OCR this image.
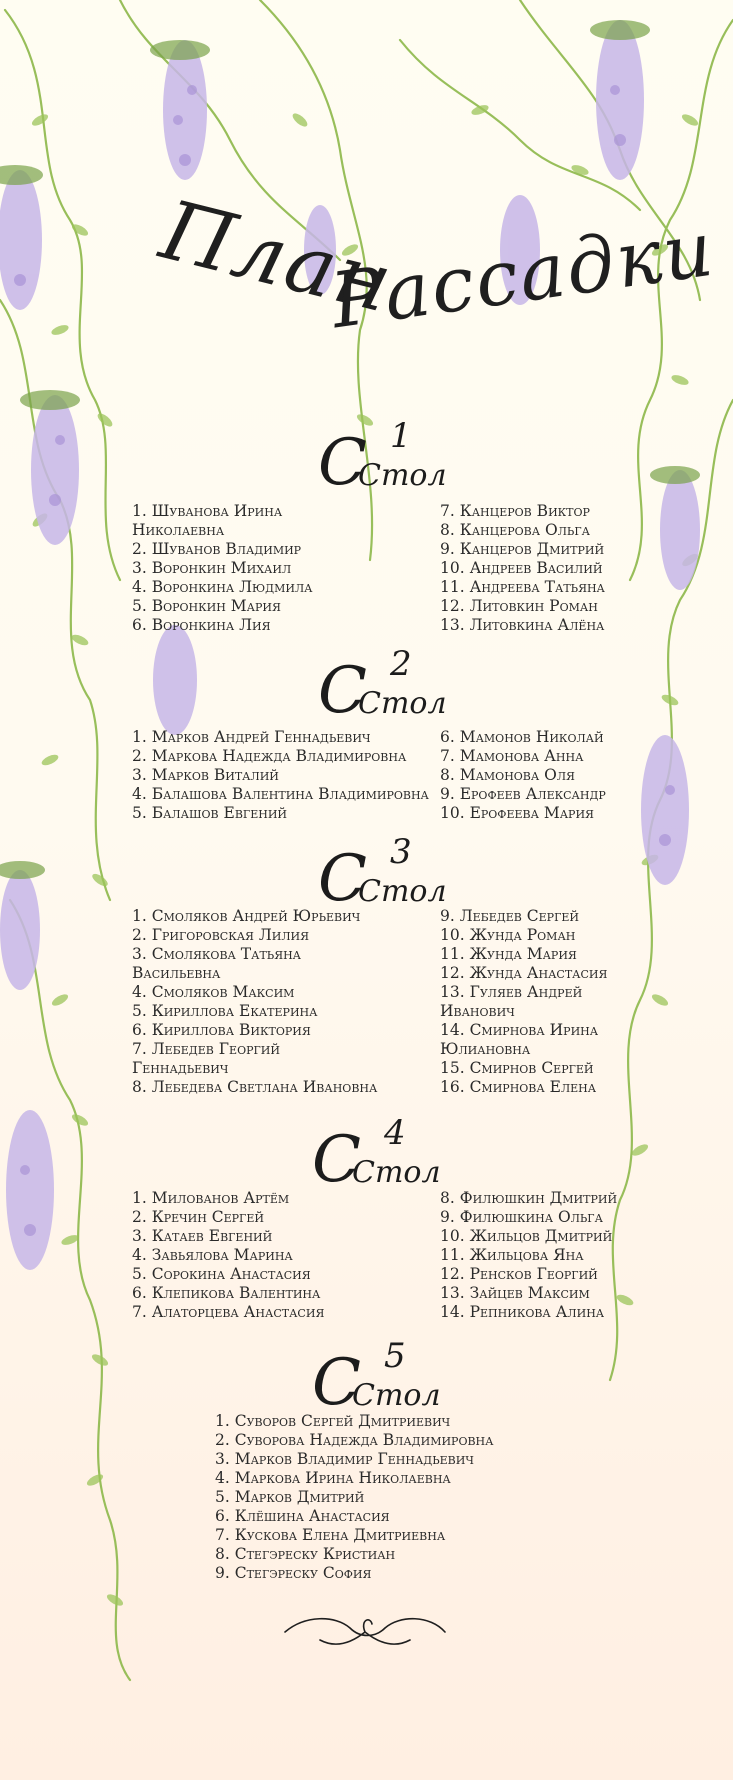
План
Рассадки
С 1
Стол
1. Шуванова Ирина Николаевна
2. Шуванов Владимир
3. Воронкин Михаил
4. Воронкина Людмила
5. Воронкин Мария
6. Воронкина Лия
7. Канцеров Виктор
8. Канцерова Ольга
9. Канцеров Дмитрий
10. Андреев Василий
11. Андреева Татьяна
12. Литовкин Роман
13. Литовкина Алёна
С 2
Стол
1. Марков Андрей Геннадьевич
2. Маркова Надежда Владимировна
3. Марков Виталий
4. Балашова Валентина Владимировна
5. Балашов Евгений
6. Мамонов Николай
7. Мамонова Анна
8. Мамонова Оля
9. Ерофеев Александр
10. Ерофеева Мария
С 3
Стол
1. Смоляков Андрей Юрьевич
2. Григоровская Лилия
3. Смолякова Татьяна Васильевна
4. Смоляков Максим
5. Кириллова Екатерина
6. Кириллова Виктория
7. Лебедев Георгий Геннадьевич
8. Лебедева Светлана Ивановна
9. Лебедев Сергей
10. Жунда Роман
11. Жунда Мария
12. Жунда Анастасия
13. Гуляев Андрей Иванович
14. Смирнова Ирина Юлиановна
15. Смирнов Сергей
16. Смирнова Елена
С 4
Стол
1. Милованов Артём
2. Кречин Сергей
3. Катаев Евгений
4. Завьялова Марина
5. Сорокина Анастасия
6. Клепикова Валентина
7. Алаторцева Анастасия
8. Филюшкин Дмитрий
9. Филюшкина Ольга
10. Жильцов Дмитрий
11. Жильцова Яна
12. Ренсков Георгий
13. Зайцев Максим
14. Репникова Алина
С 5
Стол
1. Суворов Сергей Дмитриевич
2. Суворова Надежда Владимировна
3. Марков Владимир Геннадьевич
4. Маркова Ирина Николаевна
5. Марков Дмитрий
6. Клёшина Анастасия
7. Кускова Елена Дмитриевна
8. Стегэреску Кристиан
9. Стегэреску София
